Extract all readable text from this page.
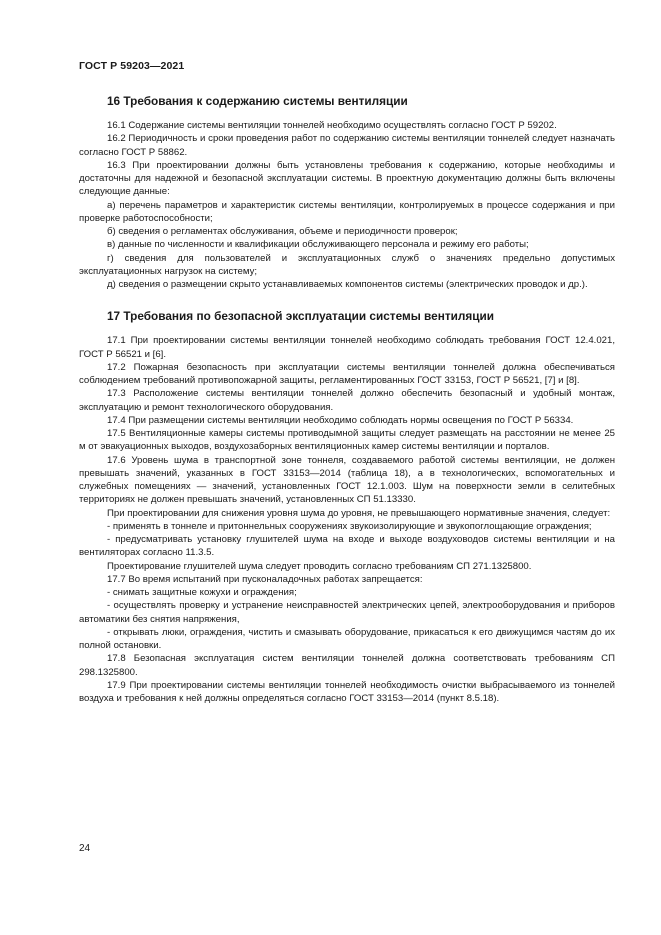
ГОСТ Р 59203—2021
16 Требования к содержанию системы вентиляции

16.1 Содержание системы вентиляции тоннелей необходимо осуществлять согласно ГОСТ Р 59202.

16.2 Периодичность и сроки проведения работ по содержанию системы вентиляции тоннелей следует назначать согласно ГОСТ Р 58862.

16.3 При проектировании должны быть установлены требования к содержанию, которые необходимы и достаточны для надежной и безопасной эксплуатации системы. В проектную документацию должны быть включены следующие данные:

а) перечень параметров и характеристик системы вентиляции, контролируемых в процессе содержания и при проверке работоспособности;

б) сведения о регламентах обслуживания, объеме и периодичности проверок;

в) данные по численности и квалификации обслуживающего персонала и режиму его работы;

г) сведения для пользователей и эксплуатационных служб о значениях предельно допустимых эксплуатационных нагрузок на систему;

д) сведения о размещении скрыто устанавливаемых компонентов системы (электрических проводок и др.).

17 Требования по безопасной эксплуатации системы вентиляции

17.1 При проектировании системы вентиляции тоннелей необходимо соблюдать требования ГОСТ 12.4.021, ГОСТ Р 56521 и [6].

17.2 Пожарная безопасность при эксплуатации системы вентиляции тоннелей должна обеспечиваться соблюдением требований противопожарной защиты, регламентированных ГОСТ 33153, ГОСТ Р 56521, [7] и [8].

17.3 Расположение системы вентиляции тоннелей должно обеспечить безопасный и удобный монтаж, эксплуатацию и ремонт технологического оборудования.

17.4 При размещении системы вентиляции необходимо соблюдать нормы освещения по ГОСТ Р 56334.

17.5 Вентиляционные камеры системы противодымной защиты следует размещать на расстоянии не менее 25 м от эвакуационных выходов, воздухозаборных вентиляционных камер системы вентиляции и порталов.

17.6 Уровень шума в транспортной зоне тоннеля, создаваемого работой системы вентиляции, не должен превышать значений, указанных в ГОСТ 33153—2014 (таблица 18), а в технологических, вспомогательных и служебных помещениях — значений, установленных ГОСТ 12.1.003. Шум на поверхности земли в селитебных территориях не должен превышать значений, установленных СП 51.13330.

При проектировании для снижения уровня шума до уровня, не превышающего нормативные значения, следует:

- применять в тоннеле и притоннельных сооружениях звукоизолирующие и звукопоглощающие ограждения;

- предусматривать установку глушителей шума на входе и выходе воздуховодов системы вентиляции и на вентиляторах согласно 11.3.5.

Проектирование глушителей шума следует проводить согласно требованиям СП 271.1325800.

17.7 Во время испытаний при пусконаладочных работах запрещается:

- снимать защитные кожухи и ограждения;

- осуществлять проверку и устранение неисправностей электрических цепей, электрооборудования и приборов автоматики без снятия напряжения,

- открывать люки, ограждения, чистить и смазывать оборудование, прикасаться к его движущимся частям до их полной остановки.

17.8 Безопасная эксплуатация систем вентиляции тоннелей должна соответствовать требованиям СП 298.1325800.

17.9 При проектировании системы вентиляции тоннелей необходимость очистки выбрасываемого из тоннелей воздуха и требования к ней должны определяться согласно ГОСТ 33153—2014 (пункт 8.5.18).

24
